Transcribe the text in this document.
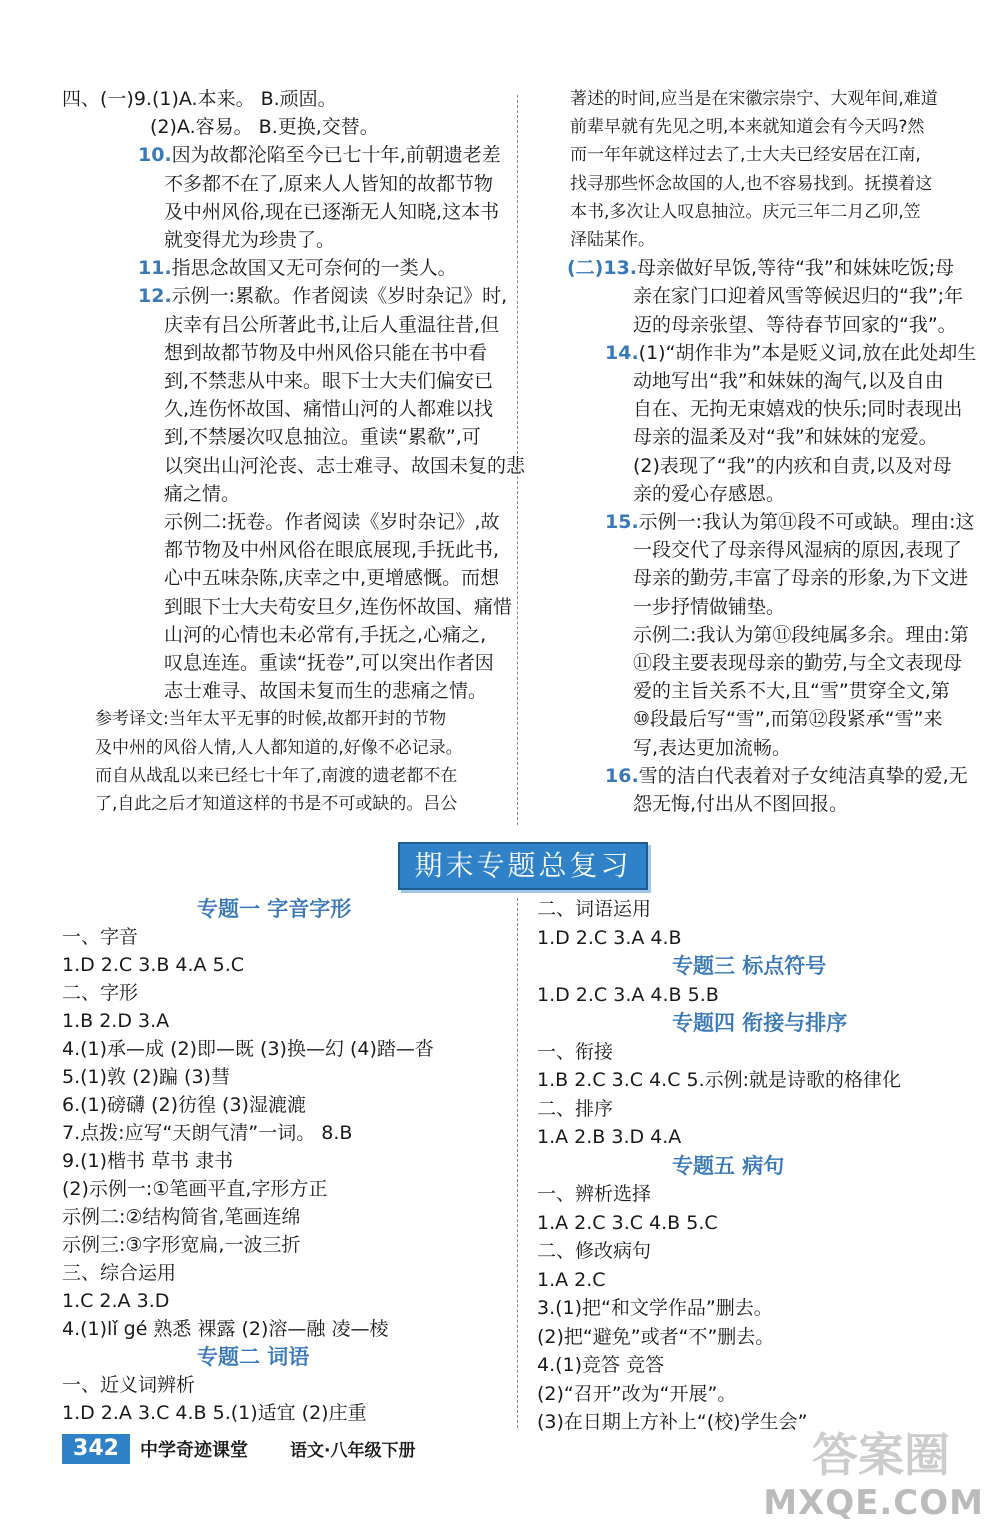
四、(一)9.(1)A.本来。 B.顽固。
(2)A.容易。 B.更换,交替。
10.因为故都沦陷至今已七十年,前朝遗老差
不多都不在了,原来人人皆知的故都节物
及中州风俗,现在已逐渐无人知晓,这本书
就变得尤为珍贵了。
11.指思念故国又无可奈何的一类人。
12.示例一:累欷。作者阅读《岁时杂记》时,
庆幸有吕公所著此书,让后人重温往昔,但
想到故都节物及中州风俗只能在书中看
到,不禁悲从中来。眼下士大夫们偏安已
久,连伤怀故国、痛惜山河的人都难以找
到,不禁屡次叹息抽泣。重读“累欷”,可
以突出山河沦丧、志士难寻、故国未复的悲
痛之情。
示例二:抚卷。作者阅读《岁时杂记》,故
都节物及中州风俗在眼底展现,手抚此书,
心中五味杂陈,庆幸之中,更增感慨。而想
到眼下士大夫苟安旦夕,连伤怀故国、痛惜
山河的心情也未必常有,手抚之,心痛之,
叹息连连。重读“抚卷”,可以突出作者因
志士难寻、故国未复而生的悲痛之情。
参考译文:当年太平无事的时候,故都开封的节物
及中州的风俗人情,人人都知道的,好像不必记录。
而自从战乱以来已经七十年了,南渡的遗老都不在
了,自此之后才知道这样的书是不可或缺的。吕公
著述的时间,应当是在宋徽宗崇宁、大观年间,难道
前辈早就有先见之明,本来就知道会有今天吗?然
而一年年就这样过去了,士大夫已经安居在江南,
找寻那些怀念故国的人,也不容易找到。抚摸着这
本书,多次让人叹息抽泣。庆元三年二月乙卯,笠
泽陆某作。
(二)13.母亲做好早饭,等待“我”和妹妹吃饭;母
亲在家门口迎着风雪等候迟归的“我”;年
迈的母亲张望、等待春节回家的“我”。
14.(1)“胡作非为”本是贬义词,放在此处却生
动地写出“我”和妹妹的淘气,以及自由
自在、无拘无束嬉戏的快乐;同时表现出
母亲的温柔及对“我”和妹妹的宠爱。
(2)表现了“我”的内疚和自责,以及对母
亲的爱心存感恩。
15.示例一:我认为第⑪段不可或缺。理由:这
一段交代了母亲得风湿病的原因,表现了
母亲的勤劳,丰富了母亲的形象,为下文进
一步抒情做铺垫。
示例二:我认为第⑪段纯属多余。理由:第
⑪段主要表现母亲的勤劳,与全文表现母
爱的主旨关系不大,且“雪”贯穿全文,第
⑩段最后写“雪”,而第⑫段紧承“雪”来
写,表达更加流畅。
16.雪的洁白代表着对子女纯洁真挚的爱,无
怨无悔,付出从不图回报。
期末专题总复习
专题一 字音字形
一、字音
1.D 2.C 3.B 4.A 5.C
二、字形
1.B 2.D 3.A
4.(1)承—成 (2)即—既 (3)换—幻 (4)踏—沓
5.(1)敦 (2)蹁 (3)彗
6.(1)磅礴 (2)彷徨 (3)湿漉漉
7.点拨:应写“天朗气清”一词。 8.B
9.(1)楷书 草书 隶书
(2)示例一:①笔画平直,字形方正
示例二:②结构简省,笔画连绵
示例三:③字形宽扁,一波三折
三、综合运用
1.C 2.A 3.D
4.(1)lǐ gé 熟悉 裸露 (2)溶—融 凌—棱
专题二 词语
一、近义词辨析
1.D 2.A 3.C 4.B 5.(1)适宜 (2)庄重
二、词语运用
1.D 2.C 3.A 4.B
专题三 标点符号
1.D 2.C 3.A 4.B 5.B
专题四 衔接与排序
一、衔接
1.B 2.C 3.C 4.C 5.示例:就是诗歌的格律化
二、排序
1.A 2.B 3.D 4.A
专题五 病句
一、辨析选择
1.A 2.C 3.C 4.B 5.C
二、修改病句
1.A 2.C
3.(1)把“和文学作品”删去。
(2)把“避免”或者“不”删去。
4.(1)竞答 竞答
(2)“召开”改为“开展”。
(3)在日期上方补上“(校)学生会”
342	中学奇迹课堂 语文·八年级下册	答案圈
MXQE.COM
